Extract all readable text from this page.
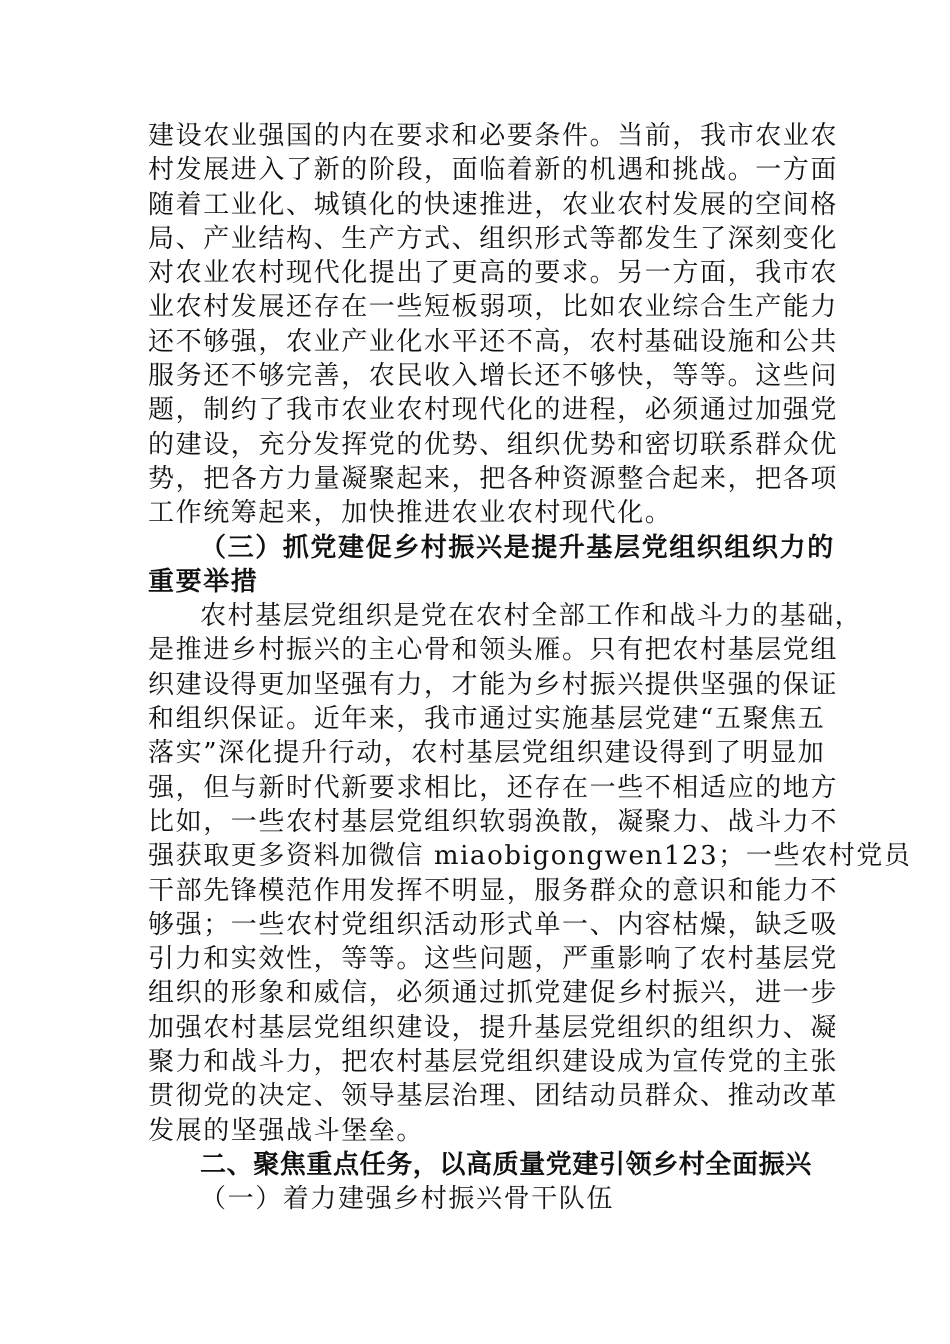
建设农业强国的内在要求和必要条件。当前，我市农业农
村发展进入了新的阶段，面临着新的机遇和挑战。一方面
随着工业化、城镇化的快速推进，农业农村发展的空间格
局、产业结构、生产方式、组织形式等都发生了深刻变化
对农业农村现代化提出了更高的要求。另一方面，我市农
业农村发展还存在一些短板弱项，比如农业综合生产能力
还不够强，农业产业化水平还不高，农村基础设施和公共
服务还不够完善，农民收入增长还不够快，等等。这些问
题，制约了我市农业农村现代化的进程，必须通过加强党
的建设，充分发挥党的优势、组织优势和密切联系群众优
势，把各方力量凝聚起来，把各种资源整合起来，把各项
工作统筹起来，加快推进农业农村现代化。
（三）抓党建促乡村振兴是提升基层党组织组织力的
重要举措
农村基层党组织是党在农村全部工作和战斗力的基础，
是推进乡村振兴的主心骨和领头雁。只有把农村基层党组
织建设得更加坚强有力，才能为乡村振兴提供坚强的保证
和组织保证。近年来，我市通过实施基层党建“五聚焦五
落实”深化提升行动，农村基层党组织建设得到了明显加
强，但与新时代新要求相比，还存在一些不相适应的地方
比如，一些农村基层党组织软弱涣散，凝聚力、战斗力不
强获取更多资料加微信 miaobigongwen123；一些农村党员
干部先锋模范作用发挥不明显，服务群众的意识和能力不
够强；一些农村党组织活动形式单一、内容枯燥，缺乏吸
引力和实效性，等等。这些问题，严重影响了农村基层党
组织的形象和威信，必须通过抓党建促乡村振兴，进一步
加强农村基层党组织建设，提升基层党组织的组织力、凝
聚力和战斗力，把农村基层党组织建设成为宣传党的主张
贯彻党的决定、领导基层治理、团结动员群众、推动改革
发展的坚强战斗堡垒。
二、聚焦重点任务，以高质量党建引领乡村全面振兴
（一）着力建强乡村振兴骨干队伍
